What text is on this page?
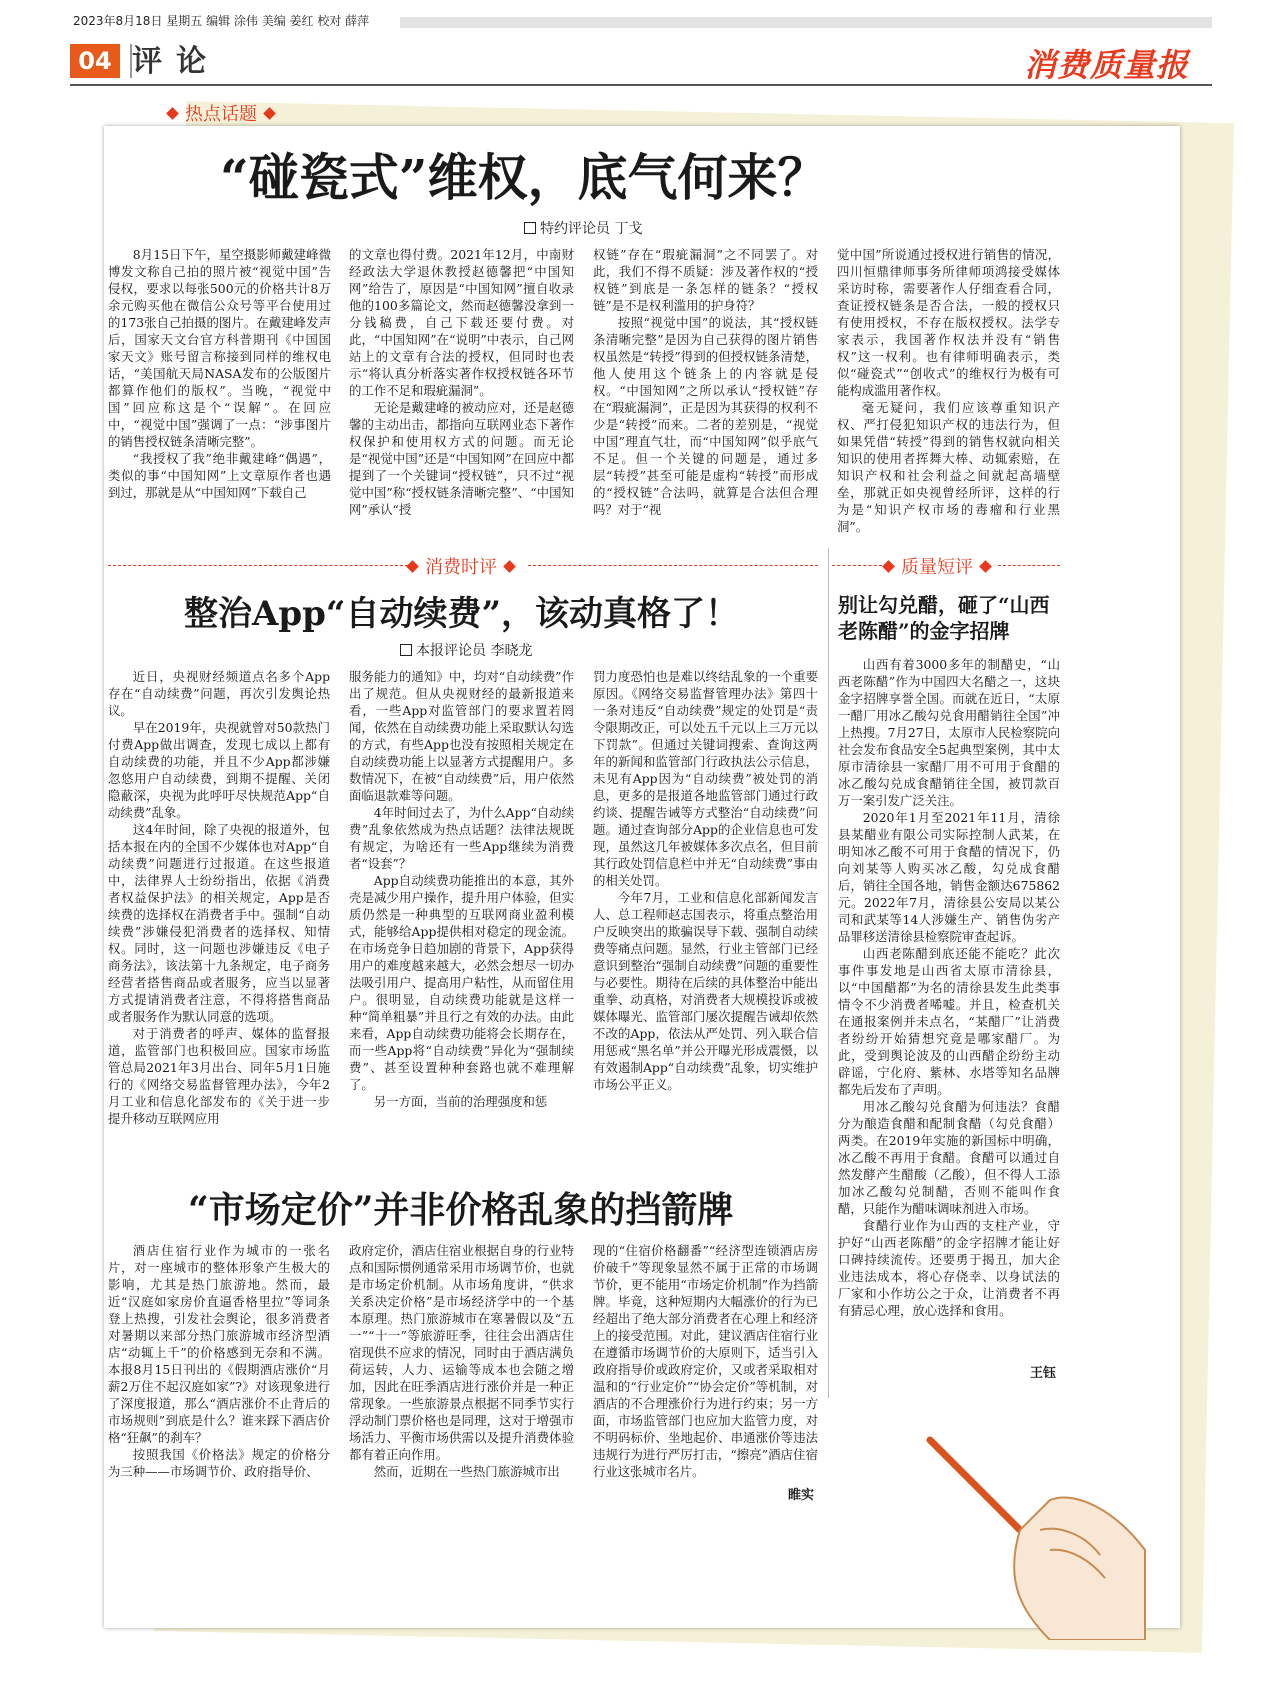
2023年8月18日 星期五 编辑 涂伟 美编 姜红 校对 薛萍
04 评论	消费质量报
热点话题
“碰瓷式”维权，底气何来？
特约评论员 丁戈

8月15日下午，星空摄影师戴建峰微博发文称自己拍的照片被“视觉中国”告侵权，要求以每张500元的价格共计8万余元购买他在微信公众号等平台使用过的173张自己拍摄的图片。在戴建峰发声后，国家天文台官方科普期刊《中国国家天文》账号留言称接到同样的维权电话，“美国航天局NASA发布的公版图片都算作他们的版权”。当晚，“视觉中国”回应称这是个“误解”。在回应中，“视觉中国”强调了一点：“涉事图片的销售授权链条清晰完整”。

“我授权了我”绝非戴建峰“偶遇”，类似的事“中国知网”上文章原作者也遇到过，那就是从“中国知网”下载自己

的文章也得付费。2021年12月，中南财经政法大学退休教授赵德馨把“中国知网”给告了，原因是“中国知网”擅自收录他的100多篇论文，然而赵德馨没拿到一分钱稿费，自己下载还要付费。对此，“中国知网”在“说明”中表示，自己网站上的文章有合法的授权，但同时也表示“将认真分析落实著作权授权链各环节的工作不足和瑕疵漏洞”。

无论是戴建峰的被动应对，还是赵德馨的主动出击，都指向互联网业态下著作权保护和使用权方式的问题。而无论是“视觉中国”还是“中国知网”在回应中都提到了一个关键词“授权链”，只不过“视觉中国”称“授权链条清晰完整”、“中国知网”承认“授

权链”存在“瑕疵漏洞”之不同罢了。对此，我们不得不质疑：涉及著作权的“授权链”到底是一条怎样的链条？“授权链”是不是权利滥用的护身符？

按照“视觉中国”的说法，其“授权链条清晰完整”是因为自己获得的图片销售权虽然是“转授”得到的但授权链条清楚，他人使用这个链条上的内容就是侵权。“中国知网”之所以承认“授权链”存在“瑕疵漏洞”，正是因为其获得的权利不少是“转授”而来。二者的差别是，“视觉中国”理直气壮，而“中国知网”似乎底气不足。但一个关键的问题是，通过多层“转授”甚至可能是虚构“转授”而形成的“授权链”合法吗，就算是合法但合理吗？对于“视

觉中国”所说通过授权进行销售的情况，四川恒鼎律师事务所律师项鸿接受媒体采访时称，需要著作人仔细查看合同，查证授权链条是否合法，一般的授权只有使用授权，不存在版权授权。法学专家表示，我国著作权法并没有“销售权”这一权利。也有律师明确表示，类似“碰瓷式”“创收式”的维权行为极有可能构成滥用著作权。

毫无疑问，我们应该尊重知识产权、严打侵犯知识产权的违法行为，但如果凭借“转授”得到的销售权就向相关知识的使用者挥舞大棒、动辄索赔，在知识产权和社会利益之间就起高墙壁垒，那就正如央视曾经所评，这样的行为是“知识产权市场的毒瘤和行业黑洞”。

消费时评	质量短评
整治App“自动续费”，该动真格了！
本报评论员 李晓龙

近日，央视财经频道点名多个App存在“自动续费”问题，再次引发舆论热议。

早在2019年，央视就曾对50款热门付费App做出调查，发现七成以上都有自动续费的功能，并且不少App都涉嫌忽悠用户自动续费，到期不提醒、关闭隐蔽深，央视为此呼吁尽快规范App“自动续费”乱象。

这4年时间，除了央视的报道外，包括本报在内的全国不少媒体也对App“自动续费”问题进行过报道。在这些报道中，法律界人士纷纷指出，依据《消费者权益保护法》的相关规定，App是否续费的选择权在消费者手中。强制“自动续费”涉嫌侵犯消费者的选择权、知情权。同时，这一问题也涉嫌违反《电子商务法》，该法第十九条规定，电子商务经营者搭售商品或者服务，应当以显著方式提请消费者注意，不得将搭售商品或者服务作为默认同意的选项。

对于消费者的呼声、媒体的监督报道，监管部门也积极回应。国家市场监管总局2021年3月出台、同年5月1日施行的《网络交易监督管理办法》，今年2月工业和信息化部发布的《关于进一步提升移动互联网应用

服务能力的通知》中，均对“自动续费”作出了规范。但从央视财经的最新报道来看，一些App对监管部门的要求置若罔闻，依然在自动续费功能上采取默认勾选的方式，有些App也没有按照相关规定在自动续费功能上以显著方式提醒用户。多数情况下，在被“自动续费”后，用户依然面临退款难等问题。

4年时间过去了，为什么App“自动续费”乱象依然成为热点话题？法律法规既有规定，为啥还有一些App继续为消费者“设套”？

App自动续费功能推出的本意，其外壳是减少用户操作，提升用户体验，但实质仍然是一种典型的互联网商业盈利模式，能够给App提供相对稳定的现金流。在市场竞争日趋加剧的背景下，App获得用户的难度越来越大，必然会想尽一切办法吸引用户、提高用户粘性，从而留住用户。很明显，自动续费功能就是这样一种“简单粗暴”并且行之有效的办法。由此来看，App自动续费功能将会长期存在，而一些App将“自动续费”异化为“强制续费”、甚至设置种种套路也就不难理解了。

另一方面，当前的治理强度和惩

罚力度恐怕也是难以终结乱象的一个重要原因。《网络交易监督管理办法》第四十一条对违反“自动续费”规定的处罚是“责令限期改正，可以处五千元以上三万元以下罚款”。但通过关键词搜索、查询这两年的新闻和监管部门行政执法公示信息，未见有App因为“自动续费”被处罚的消息，更多的是报道各地监管部门通过行政约谈、提醒告诫等方式整治“自动续费”问题。通过查询部分App的企业信息也可发现，虽然这几年被媒体多次点名，但目前其行政处罚信息栏中并无“自动续费”事由的相关处罚。

今年7月，工业和信息化部新闻发言人、总工程师赵志国表示，将重点整治用户反映突出的欺骗误导下载、强制自动续费等痛点问题。显然，行业主管部门已经意识到整治“强制自动续费”问题的重要性与必要性。期待在后续的具体整治中能出重拳、动真格，对消费者大规模投诉或被媒体曝光、监管部门屡次提醒告诫却依然不改的App，依法从严处罚、列入联合信用惩戒“黑名单”并公开曝光形成震慑，以有效遏制App“自动续费”乱象，切实维护市场公平正义。

别让勾兑醋，砸了“山西老陈醋”的金字招牌

山西有着3000多年的制醋史，“山西老陈醋”作为中国四大名醋之一，这块金字招牌享誉全国。而就在近日，“太原一醋厂用冰乙酸勾兑食用醋销往全国”冲上热搜。7月27日，太原市人民检察院向社会发布食品安全5起典型案例，其中太原市清徐县一家醋厂用不可用于食醋的冰乙酸勾兑成食醋销往全国，被罚款百万一案引发广泛关注。

2020年1月至2021年11月，清徐县某醋业有限公司实际控制人武某，在明知冰乙酸不可用于食醋的情况下，仍向刘某等人购买冰乙酸，勾兑成食醋后，销往全国各地，销售金额达675862元。2022年7月，清徐县公安局以某公司和武某等14人涉嫌生产、销售伪劣产品罪移送清徐县检察院审查起诉。

山西老陈醋到底还能不能吃？此次事件事发地是山西省太原市清徐县，以“中国醋都”为名的清徐县发生此类事情令不少消费者唏嘘。并且，检查机关在通报案例并未点名，“某醋厂”让消费者纷纷开始猜想究竟是哪家醋厂。为此，受到舆论波及的山西醋企纷纷主动辟谣，宁化府、紫林、水塔等知名品牌都先后发布了声明。

用冰乙酸勾兑食醋为何违法？食醋分为酿造食醋和配制食醋（勾兑食醋）两类。在2019年实施的新国标中明确，冰乙酸不再用于食醋。食醋可以通过自然发酵产生醋酸（乙酸），但不得人工添加冰乙酸勾兑制醋，否则不能叫作食醋，只能作为醋味调味剂进入市场。

食醋行业作为山西的支柱产业，守护好“山西老陈醋”的金字招牌才能让好口碑持续流传。还要勇于揭丑，加大企业违法成本，将心存侥幸、以身试法的厂家和小作坊公之于众，让消费者不再有猜忌心理，放心选择和食用。

王钰
“市场定价”并非价格乱象的挡箭牌

酒店住宿行业作为城市的一张名片，对一座城市的整体形象产生极大的影响，尤其是热门旅游地。然而，最近“汉庭如家房价直逼香格里拉”等词条登上热搜，引发社会舆论，很多消费者对暑期以来部分热门旅游城市经济型酒店“动辄上千”的价格感到无奈和不满。本报8月15日刊出的《假期酒店涨价“月薪2万住不起汉庭如家”?》对该现象进行了深度报道，那么“酒店涨价不止背后的市场规则”到底是什么？谁来踩下酒店价格“狂飙”的刹车？

按照我国《价格法》规定的价格分为三种——市场调节价、政府指导价、

政府定价，酒店住宿业根据自身的行业特点和国际惯例通常采用市场调节价，也就是市场定价机制。从市场角度讲，“供求关系决定价格”是市场经济学中的一个基本原理。热门旅游城市在寒暑假以及“五一”“十一”等旅游旺季，往往会出酒店住宿现供不应求的情况，同时由于酒店满负荷运转，人力、运输等成本也会随之增加，因此在旺季酒店进行涨价并是一种正常现象。一些旅游景点根据不同季节实行浮动制门票价格也是同理，这对于增强市场活力、平衡市场供需以及提升消费体验都有着正向作用。

然而，近期在一些热门旅游城市出

现的“住宿价格翻番”“经济型连锁酒店房价破千”等现象显然不属于正常的市场调节价，更不能用“市场定价机制”作为挡箭牌。毕竟，这种短期内大幅涨价的行为已经超出了绝大部分消费者在心理上和经济上的接受范围。对此，建议酒店住宿行业在遵循市场调节价的大原则下，适当引入政府指导价或政府定价，又或者采取相对温和的“行业定价”“协会定价”等机制，对酒店的不合理涨价行为进行约束；另一方面，市场监管部门也应加大监管力度，对不明码标价、坐地起价、串通涨价等违法违规行为进行严厉打击，“擦亮”酒店住宿行业这张城市名片。

睢实
